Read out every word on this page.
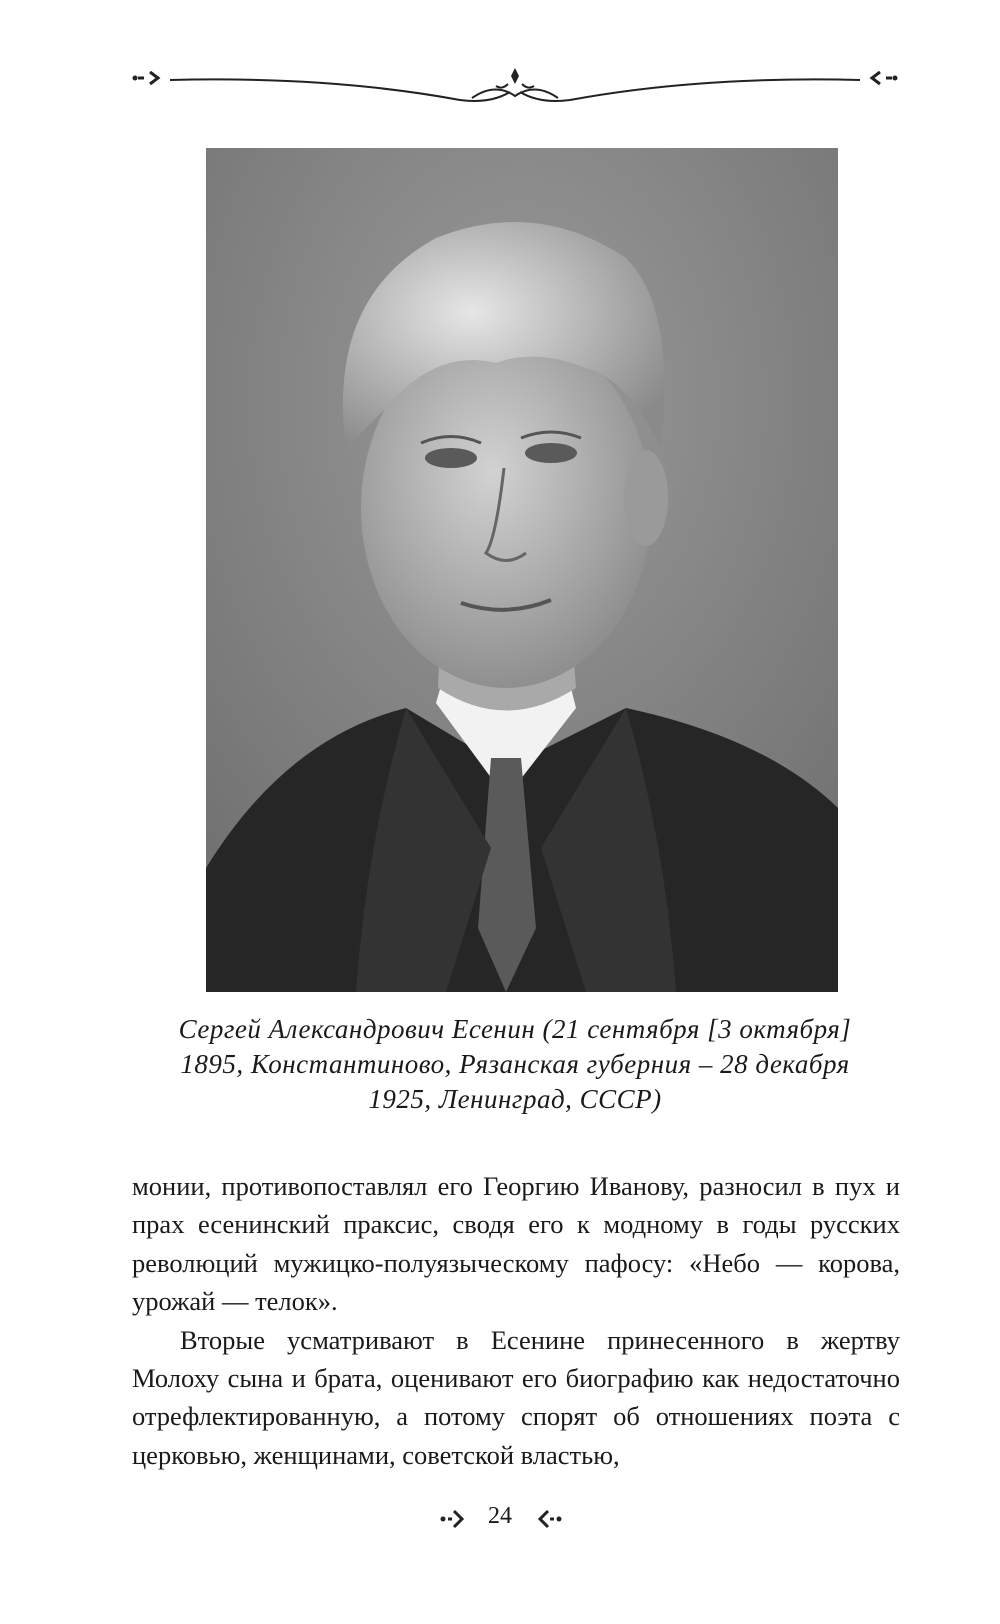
Сергей Александрович Есенин (21 сентября [3 октября]

1895, Константиново, Рязанская губерния – 28 декабря

1925, Ленинград, СССР)

монии, противопоставлял его Георгию Иванову, разносил в пух и прах есенинский праксис, сводя его к модному в годы русских революций мужицко-полуязыческому пафосу: «Небо — корова, урожай — телок».

Вторые усматривают в Есенине принесенного в жертву Молоху сына и брата, оценивают его биографию как недостаточно отрефлектированную, а потому спорят об отношениях поэта с церковью, женщинами, советской властью,

24
